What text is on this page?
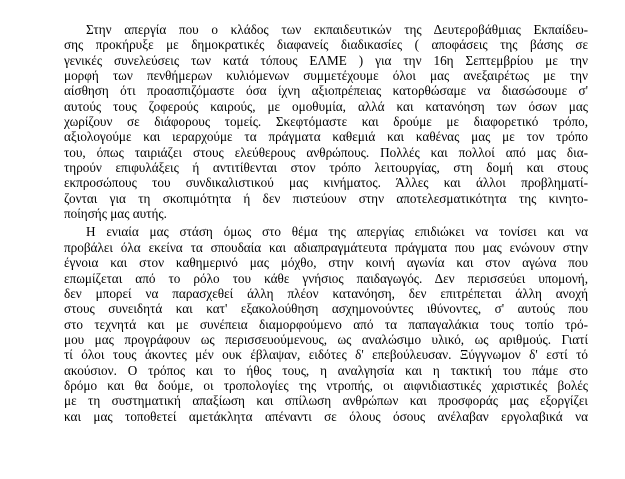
Στην απεργία που ο κλάδος των εκπαιδευτικών της Δευτεροβάθμιας Εκπαίδευ-
σης προκήρυξε με δημοκρατικές διαφανείς διαδικασίες ( αποφάσεις της βάσης σε
γενικές συνελεύσεις των κατά τόπους ΕΛΜΕ ) για την 16η Σεπτεμβρίου με την
μορφή των πενθήμερων κυλιόμενων συμμετέχουμε όλοι μας ανεξαιρέτως με την
αίσθηση ότι προασπιζόμαστε όσα ίχνη αξιοπρέπειας κατορθώσαμε να διασώσουμε σ'
αυτούς τους ζοφερούς καιρούς, με ομοθυμία, αλλά και κατανόηση των όσων μας
χωρίζουν σε διάφορους τομείς. Σκεφτόμαστε και δρούμε με διαφορετικό τρόπο,
αξιολογούμε και ιεραρχούμε τα πράγματα καθεμιά και καθένας μας με τον τρόπο
του, όπως ταιριάζει στους ελεύθερους ανθρώπους. Πολλές και πολλοί από μας δια-
τηρούν επιφυλάξεις ή αντιτίθενται στον τρόπο λειτουργίας, στη δομή και στους
εκπροσώπους του συνδικαλιστικού μας κινήματος. Άλλες και άλλοι προβληματί-
ζονται για τη σκοπιμότητα ή δεν πιστεύουν στην αποτελεσματικότητα της κινητο-
ποίησής μας αυτής.
Η ενιαία μας στάση όμως στο θέμα της απεργίας επιδιώκει να τονίσει και να
προβάλει όλα εκείνα τα σπουδαία και αδιαπραγμάτευτα πράγματα που μας ενώνουν στην
έγνοια και στον καθημερινό μας μόχθο, στην κοινή αγωνία και στον αγώνα που
επωμίζεται από το ρόλο του κάθε γνήσιος παιδαγωγός. Δεν περισσεύει υπομονή,
δεν μπορεί να παρασχεθεί άλλη πλέον κατανόηση, δεν επιτρέπεται άλλη ανοχή
στους συνειδητά και κατ' εξακολούθηση ασχημονούντες ιθύνοντες, σ' αυτούς που
στο τεχνητά και με συνέπεια διαμορφούμενο από τα παπαγαλάκια τους τοπίο τρό-
μου μας προγράφουν ως περισσευούμενους, ως αναλώσιμο υλικό, ως αριθμούς. Γιατί
τί όλοι τους άκοντες μέν ουκ έβλαψαν, ειδότες δ' επεβούλευσαν. Ξύγγνωμον δ' εστί τό
ακούσιον. Ο τρόπος και το ήθος τους, η αναλγησία και η τακτική του πάμε στο
δρόμο και θα δούμε, οι τροπολογίες της ντροπής, οι αιφνιδιαστικές χαριστικές βολές
με τη συστηματική απαξίωση και σπίλωση ανθρώπων και προσφοράς μας εξοργίζει
και μας τοποθετεί αμετάκλητα απέναντι σε όλους όσους ανέλαβαν εργολαβικά να
